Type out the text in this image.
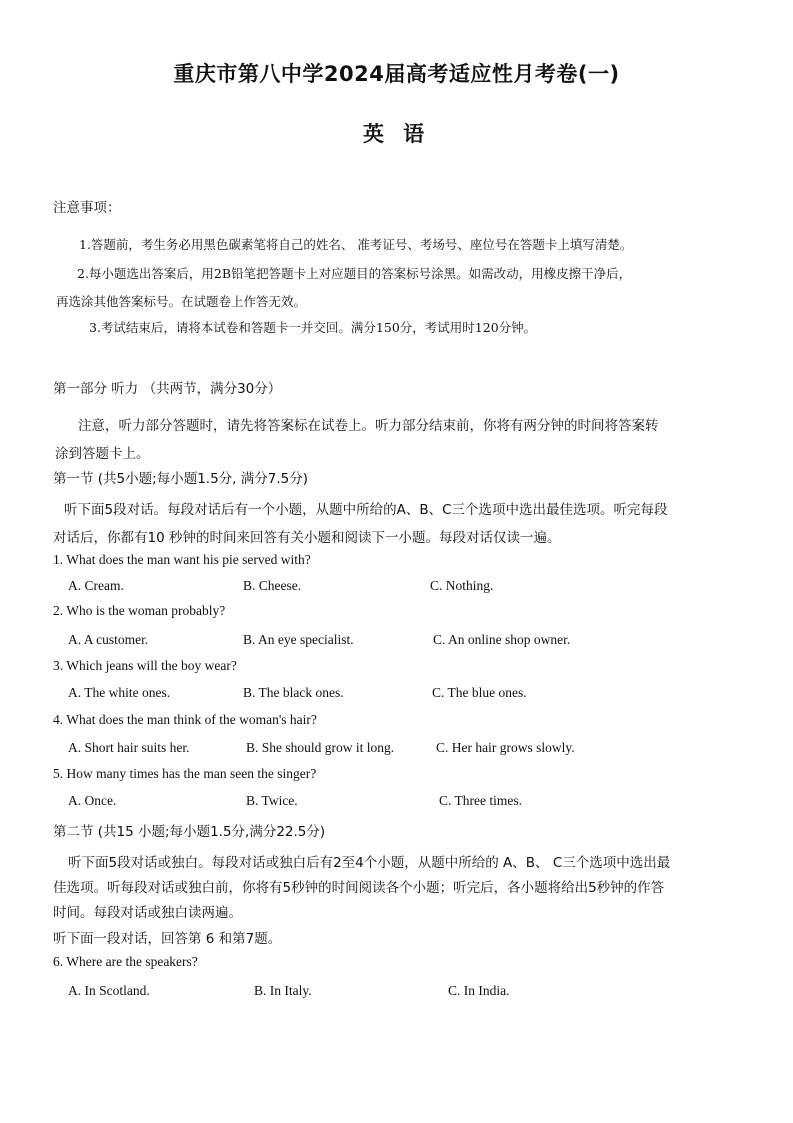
重庆市第八中学2024届高考适应性月考卷(一)
英 语
注意事项：
1.答题前，考生务必用黑色碳素笔将自己的姓名、 准考证号、考场号、座位号在答题卡上填写清楚。
2.每小题选出答案后，用2B铅笔把答题卡上对应题目的答案标号涂黑。如需改动，用橡皮擦干净后，
再选涂其他答案标号。在试题卷上作答无效。
3.考试结束后，请将本试卷和答题卡一并交回。满分150分，考试用时120分钟。
第一部分 听力 （共两节，满分30分）
注意，听力部分答题时，请先将答案标在试卷上。听力部分结束前，你将有两分钟的时间将答案转
涂到答题卡上。
第一节 (共5小题;每小题1.5分, 满分7.5分)
听下面5段对话。每段对话后有一个小题，从题中所给的A、B、C三个选项中选出最佳选项。听完每段
对话后，你都有10 秒钟的时间来回答有关小题和阅读下一小题。每段对话仅读一遍。
1. What does the man want his pie served with?
A. Cream.	B. Cheese.	C. Nothing.
2. Who is the woman probably?
A. A customer.	B. An eye specialist.	C. An online shop owner.
3. Which jeans will the boy wear?
A. The white ones.	B. The black ones.	C. The blue ones.
4. What does the man think of the woman's hair?
A. Short hair suits her.	B. She should grow it long.	C. Her hair grows slowly.
5. How many times has the man seen the singer?
A. Once.	B. Twice.	C. Three times.
第二节 (共15 小题;每小题1.5分,满分22.5分)
听下面5段对话或独白。每段对话或独白后有2至4个小题，从题中所给的 A、B、 C三个选项中选出最
佳选项。听每段对话或独白前，你将有5秒钟的时间阅读各个小题；听完后，各小题将给出5秒钟的作答
时间。每段对话或独白读两遍。
听下面一段对话，回答第 6 和第7题。
6. Where are the speakers?
A. In Scotland.	B. In Italy.	C. In India.
